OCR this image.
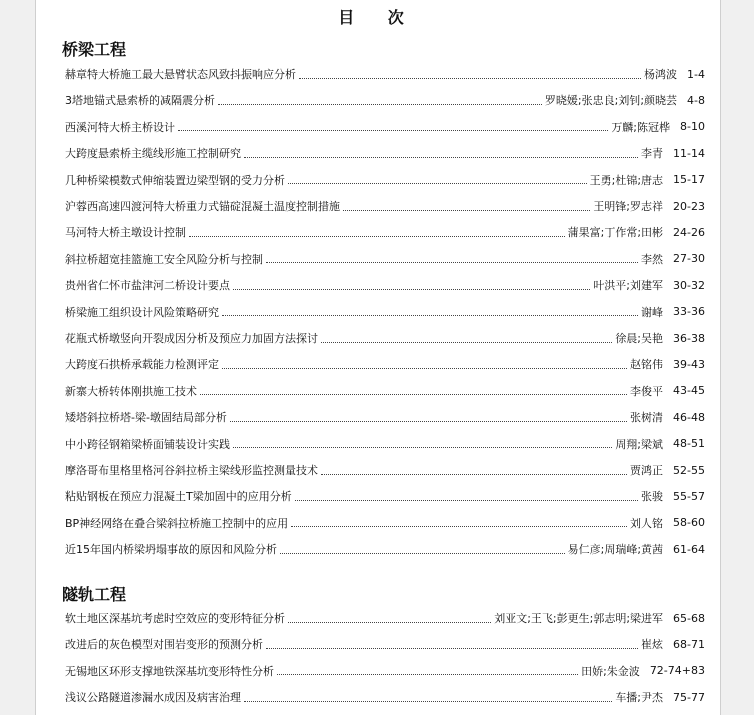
目 次
桥梁工程
隧轨工程
赫章特大桥施工最大悬臂状态风致抖振响应分析	杨鸿波 1-4
3塔地锚式悬索桥的减隔震分析	罗晓媛;张忠良;刘钊;颜晓芸 4-8
西溪河特大桥主桥设计	万麟;陈冠桦 8-10
大跨度悬索桥主缆线形施工控制研究	李青 11-14
几种桥梁模数式伸缩装置边梁型钢的受力分析	王勇;杜锦;唐志 15-17
沪蓉西高速四渡河特大桥重力式锚碇混凝土温度控制措施	王明锋;罗志祥 20-23
马河特大桥主墩设计控制	蒲果富;丁作常;田彬 24-26
斜拉桥超宽挂篮施工安全风险分析与控制	李然 27-30
贵州省仁怀市盐津河二桥设计要点	叶洪平;刘建军 30-32
桥梁施工组织设计风险策略研究	谢峰 33-36
花瓶式桥墩竖向开裂成因分析及预应力加固方法探讨	徐晨;吴艳 36-38
大跨度石拱桥承载能力检测评定	赵铭伟 39-43
新寨大桥转体刚拱施工技术	李俊平 43-45
矮塔斜拉桥塔-梁-墩固结局部分析	张树清 46-48
中小跨径钢箱梁桥面铺装设计实践	周翔;梁斌 48-51
摩洛哥布里格里格河谷斜拉桥主梁线形监控测量技术	贾鸿正 52-55
粘贴钢板在预应力混凝土T梁加固中的应用分析	张骏 55-57
BP神经网络在叠合梁斜拉桥施工控制中的应用	刘人铭 58-60
近15年国内桥梁坍塌事故的原因和风险分析	易仁彦;周瑞峰;黄茜 61-64
软土地区深基坑考虑时空效应的变形特征分析	刘亚文;王飞;彭更生;郭志明;梁进军 65-68
改进后的灰色模型对围岩变形的预测分析	崔炫 68-71
无锡地区环形支撑地铁深基坑变形特性分析	田娇;朱金波 72-74+83
浅议公路隧道渗漏水成因及病害治理	车播;尹杰 75-77
